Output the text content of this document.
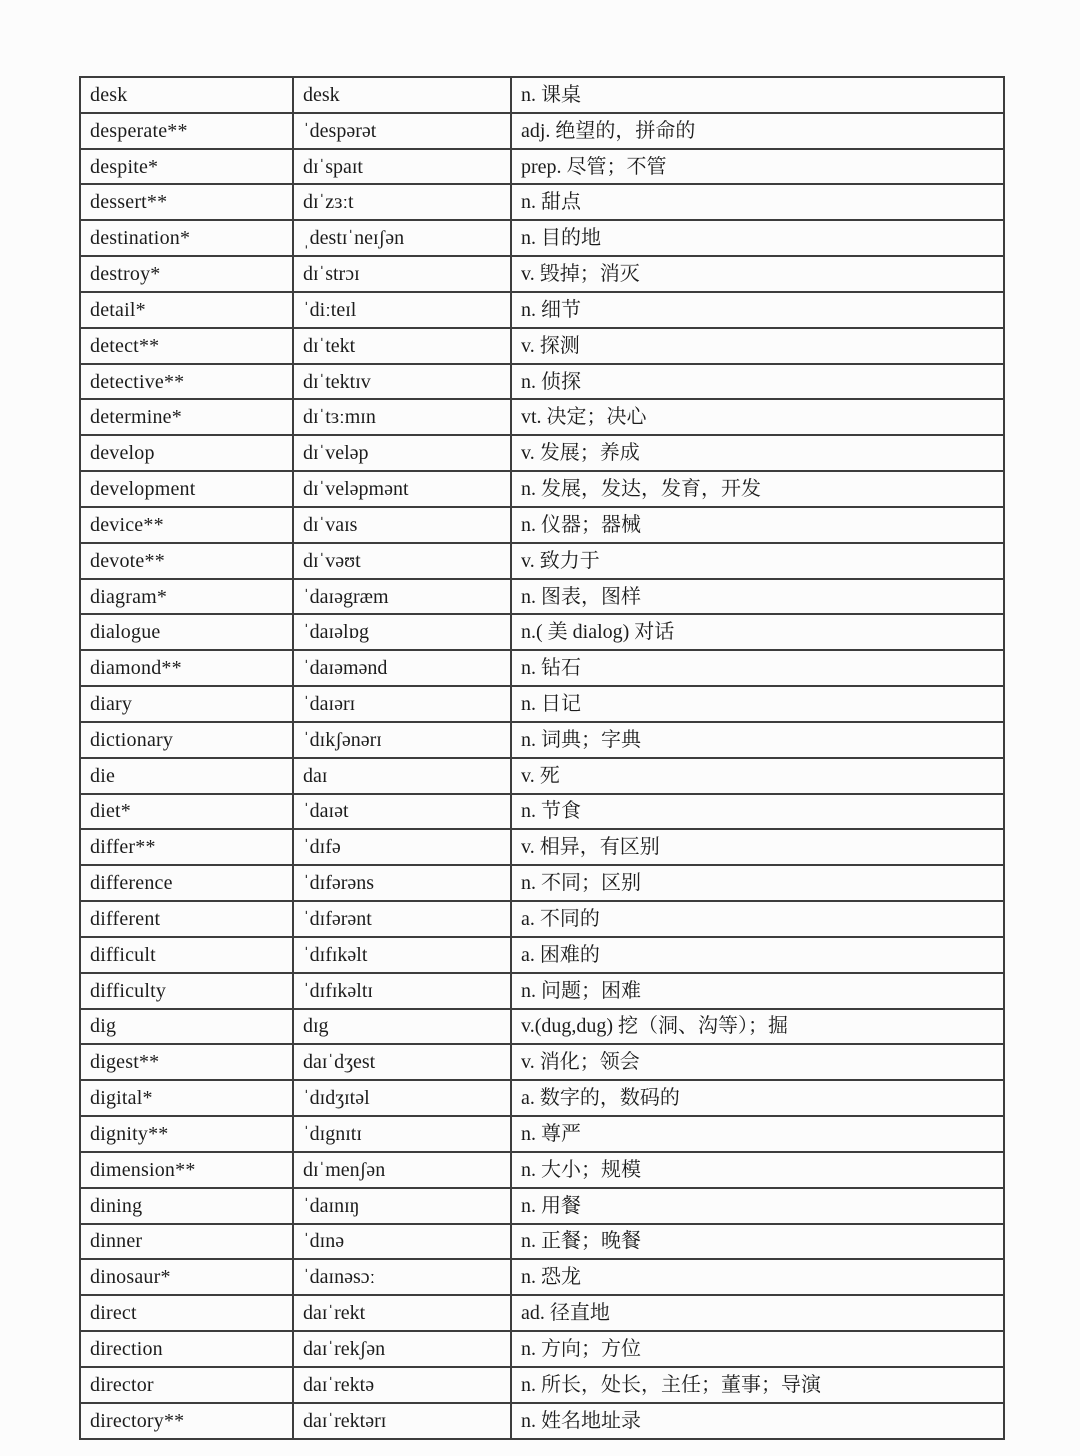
desk	desk	n. 课桌
desperate**	ˈdespərət	adj. 绝望的，拼命的
despite*	dɪˈspaɪt	prep. 尽管；不管
dessert**	dɪˈzɜːt	n. 甜点
destination*	ˌdestɪˈneɪʃən	n. 目的地
destroy*	dɪˈstrɔɪ	v. 毁掉；消灭
detail*	ˈdiːteɪl	n. 细节
detect**	dɪˈtekt	v. 探测
detective**	dɪˈtektɪv	n. 侦探
determine*	dɪˈtɜːmɪn	vt. 决定；决心
develop	dɪˈveləp	v. 发展；养成
development	dɪˈveləpmənt	n. 发展，发达，发育，开发
device**	dɪˈvaɪs	n. 仪器；器械
devote**	dɪˈvəʊt	v. 致力于
diagram*	ˈdaɪəgræm	n. 图表，图样
dialogue	ˈdaɪəlɒg	n.( 美 dialog) 对话
diamond**	ˈdaɪəmənd	n. 钻石
diary	ˈdaɪərɪ	n. 日记
dictionary	ˈdɪkʃənərɪ	n. 词典；字典
die	daɪ	v. 死
diet*	ˈdaɪət	n. 节食
differ**	ˈdɪfə	v. 相异，有区别
difference	ˈdɪfərəns	n. 不同；区别
different	ˈdɪfərənt	a. 不同的
difficult	ˈdɪfɪkəlt	a. 困难的
difficulty	ˈdɪfɪkəltɪ	n. 问题；困难
dig	dɪg	v.(dug,dug) 挖（洞、沟等）；掘
digest**	daɪˈdʒest	v. 消化；领会
digital*	ˈdɪdʒɪtəl	a. 数字的，数码的
dignity**	ˈdɪgnɪtɪ	n. 尊严
dimension**	dɪˈmenʃən	n. 大小；规模
dining	ˈdaɪnɪŋ	n. 用餐
dinner	ˈdɪnə	n. 正餐；晚餐
dinosaur*	ˈdaɪnəsɔː	n. 恐龙
direct	daɪˈrekt	ad. 径直地
direction	daɪˈrekʃən	n. 方向；方位
director	daɪˈrektə	n. 所长，处长，主任；董事；导演
directory**	daɪˈrektərɪ	n. 姓名地址录
